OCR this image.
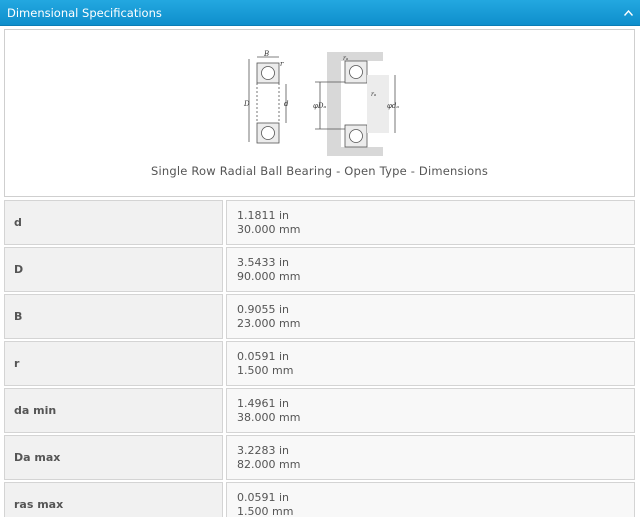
Dimensional Specifications
B
r
D	d
rₐ
rₐ
φDₐ	φdₐ
Single Row Radial Ball Bearing - Open Type - Dimensions
d
1.1811 in
30.000 mm
D
3.5433 in
90.000 mm
B
0.9055 in
23.000 mm
r
0.0591 in
1.500 mm
da min
1.4961 in
38.000 mm
Da max
3.2283 in
82.000 mm
ras max
0.0591 in
1.500 mm
